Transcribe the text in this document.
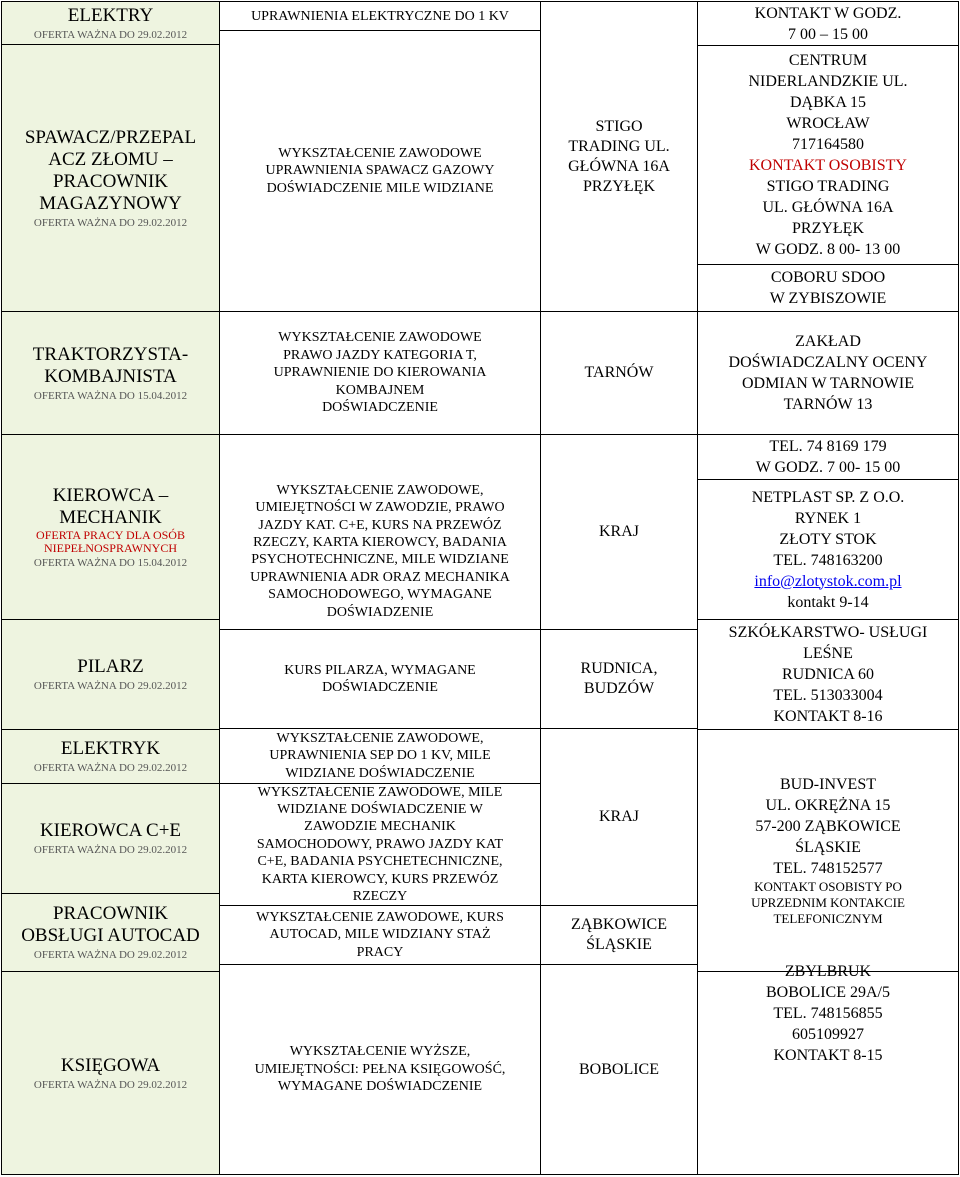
ELEKTRY
OFERTA WAŻNA DO 29.02.2012
SPAWACZ/PRZEPAL
ACZ ZŁOMU –
PRACOWNIK
MAGAZYNOWY
OFERTA WAŻNA DO 29.02.2012
TRAKTORZYSTA-
KOMBAJNISTA
OFERTA WAŻNA DO 15.04.2012
KIEROWCA –
MECHANIK
OFERTA PRACY DLA OSÓB
NIEPEŁNOSPRAWNYCH
OFERTA WAŻNA DO 15.04.2012
PILARZ
OFERTA WAŻNA DO 29.02.2012
ELEKTRYK
OFERTA WAŻNA DO 29.02.2012
KIEROWCA C+E
OFERTA WAŻNA DO 29.02.2012
PRACOWNIK
OBSŁUGI AUTOCAD
OFERTA WAŻNA DO 29.02.2012
KSIĘGOWA
OFERTA WAŻNA DO 29.02.2012
UPRAWNIENIA ELEKTRYCZNE DO 1 KV
WYKSZTAŁCENIE ZAWODOWE
UPRAWNIENIA SPAWACZ GAZOWY
DOŚWIADCZENIE MILE WIDZIANE
WYKSZTAŁCENIE ZAWODOWE
PRAWO JAZDY KATEGORIA T,
UPRAWNIENIE DO KIEROWANIA
KOMBAJNEM
DOŚWIADCZENIE
WYKSZTAŁCENIE ZAWODOWE,
UMIEJĘTNOŚCI W ZAWODZIE, PRAWO
JAZDY KAT. C+E, KURS NA PRZEWÓZ
RZECZY, KARTA KIEROWCY, BADANIA
PSYCHOTECHNICZNE, MILE WIDZIANE
UPRAWNIENIA ADR ORAZ MECHANIKA
SAMOCHODOWEGO, WYMAGANE
DOŚWIADZENIE
KURS PILARZA, WYMAGANE
DOŚWIADCZENIE
WYKSZTAŁCENIE ZAWODOWE,
UPRAWNIENIA SEP DO 1 KV, MILE
WIDZIANE DOŚWIADCZENIE
WYKSZTAŁCENIE ZAWODOWE, MILE
WIDZIANE DOŚWIADCZENIE W
ZAWODZIE MECHANIK
SAMOCHODOWY, PRAWO JAZDY KAT
C+E, BADANIA PSYCHETECHNICZNE,
KARTA KIEROWCY, KURS PRZEWÓZ
RZECZY
WYKSZTAŁCENIE ZAWODOWE, KURS
AUTOCAD, MILE WIDZIANY STAŻ
PRACY
WYKSZTAŁCENIE WYŻSZE,
UMIEJĘTNOŚCI: PEŁNA KSIĘGOWOŚĆ,
WYMAGANE DOŚWIADCZENIE
STIGO
TRADING UL.
GŁÓWNA 16A
PRZYŁĘK
TARNÓW
KRAJ
RUDNICA,
BUDZÓW
KRAJ
ZĄBKOWICE
ŚLĄSKIE
BOBOLICE
KONTAKT W GODZ.
7 00 – 15 00
CENTRUM
NIDERLANDZKIE UL.
DĄBKA 15
WROCŁAW
717164580
KONTAKT OSOBISTY
STIGO TRADING
UL. GŁÓWNA 16A
PRZYŁĘK
W GODZ. 8 00- 13 00
COBORU SDOO
W ZYBISZOWIE
ZAKŁAD
DOŚWIADCZALNY OCENY
ODMIAN W TARNOWIE
TARNÓW 13
TEL. 74 8169 179
W GODZ. 7 00- 15 00
NETPLAST SP. Z O.O.
RYNEK 1
ZŁOTY STOK
TEL. 748163200
info@zlotystok.com.pl
kontakt 9-14
SZKÓŁKARSTWO- USŁUGI
LEŚNE
RUDNICA 60
TEL. 513033004
KONTAKT 8-16
BUD-INVEST
UL. OKRĘŻNA 15
57-200 ZĄBKOWICE
ŚLĄSKIE
TEL. 748152577
KONTAKT OSOBISTY PO
UPRZEDNIM KONTAKCIE
TELEFONICZNYM
ZBYLBRUK
BOBOLICE 29A/5
TEL. 748156855
605109927
KONTAKT 8-15
